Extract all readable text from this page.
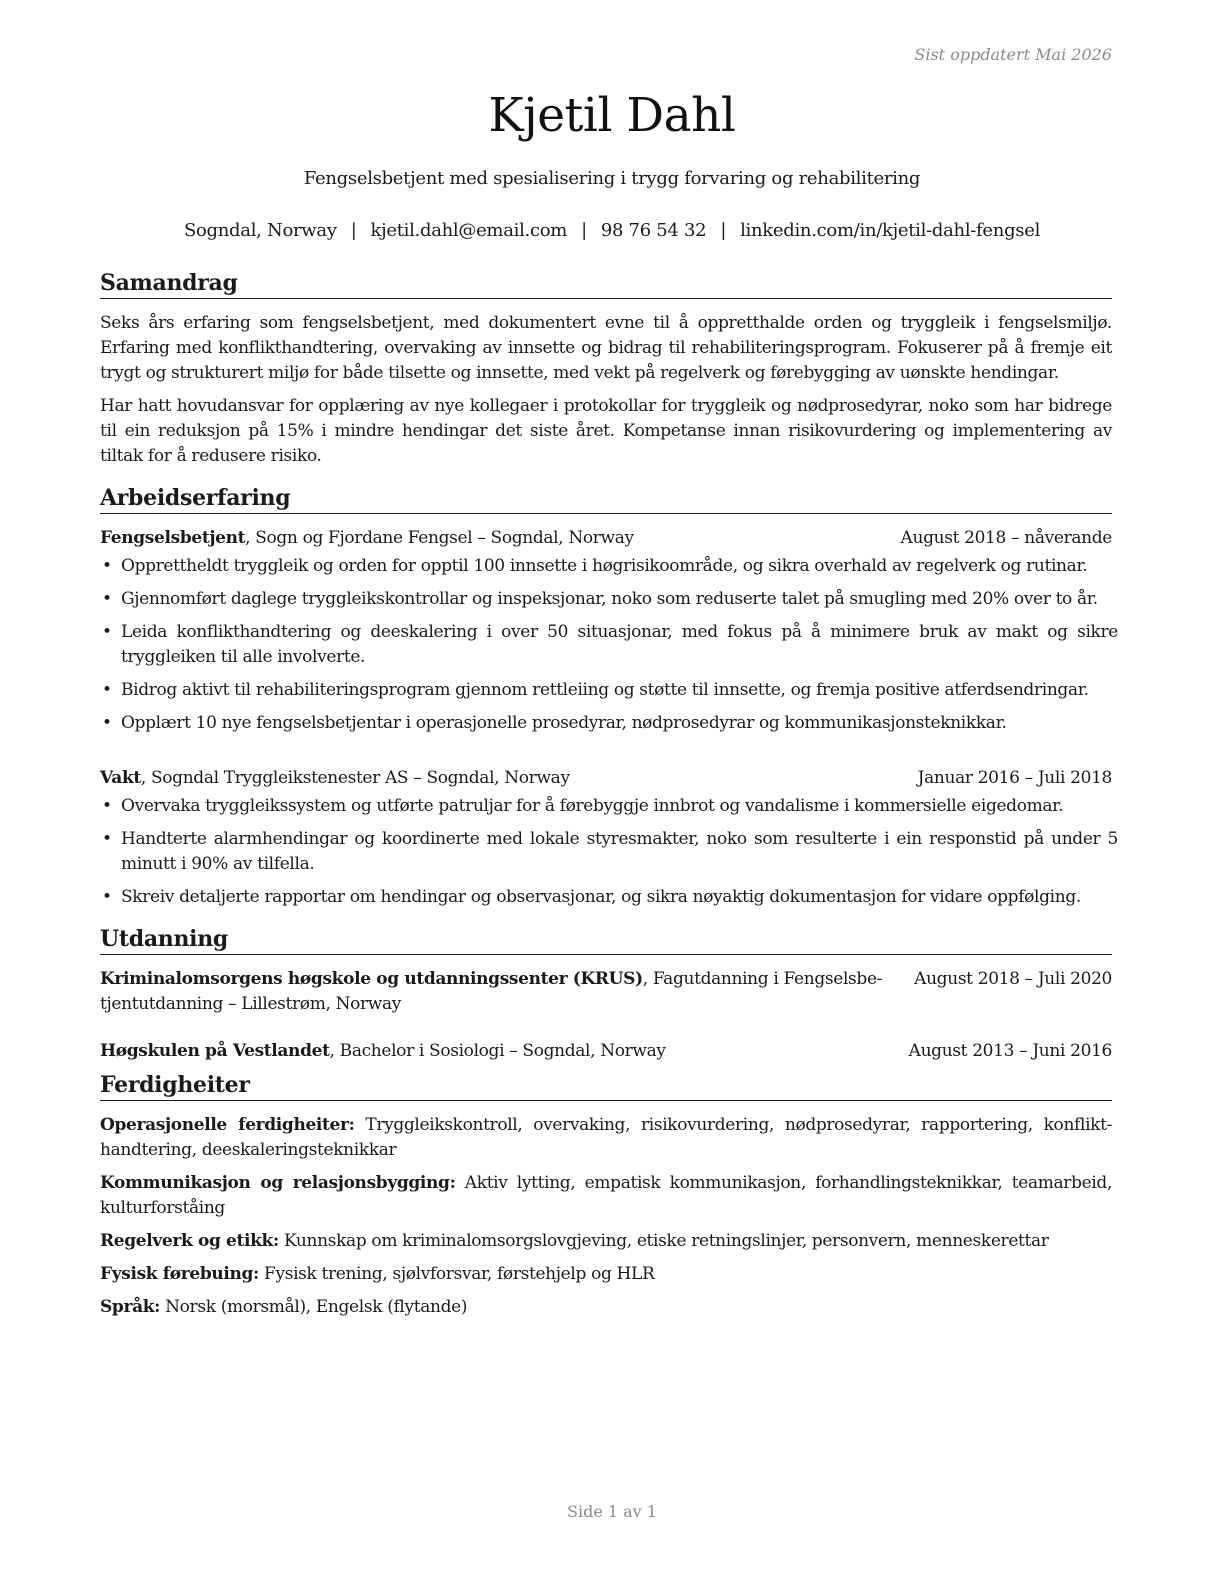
Sist oppdatert Mai 2026
Kjetil Dahl
Fengselsbetjent med spesialisering i trygg forvaring og rehabilitering
Sogndal, Norway | kjetil.dahl@email.com | 98 76 54 32 | linkedin.com/in/kjetil-dahl-fengsel
Samandrag

Seks års erfaring som fengselsbetjent, med dokumentert evne til å oppretthalde orden og tryggleik i fengselsmiljø. Erfaring med konflikthandtering, overvaking av innsette og bidrag til rehabiliteringsprogram. Fokuserer på å fremje eit trygt og strukturert miljø for både tilsette og innsette, med vekt på regelverk og førebygging av uønskte hendingar.

Har hatt hovudansvar for opplæring av nye kollegaer i protokollar for tryggleik og nødprosedyrar, noko som har bidrege til ein reduksjon på 15% i mindre hendingar det siste året. Kompetanse innan risikovurdering og implementering av tiltak for å redusere risiko.

Arbeidserfaring
Fengselsbetjent, Sogn og Fjordane Fengsel – Sogndal, Norway	August 2018 – nåverande
• Opprettheldt tryggleik og orden for opptil 100 innsette i høgrisikoområde, og sikra overhald av regelverk og rutinar.
• Gjennomført daglege tryggleikskontrollar og inspeksjonar, noko som reduserte talet på smugling med 20% over to år.
• Leida konflikthandtering og deeskalering i over 50 situasjonar, med fokus på å minimere bruk av makt og sikre tryggleiken til alle involverte.
• Bidrog aktivt til rehabiliteringsprogram gjennom rettleiing og støtte til innsette, og fremja positive atferdsendringar.
• Opplært 10 nye fengselsbetjentar i operasjonelle prosedyrar, nødprosedyrar og kommunikasjonsteknikkar.
Vakt, Sogndal Tryggleikstenester AS – Sogndal, Norway	Januar 2016 – Juli 2018
• Overvaka tryggleikssystem og utførte patruljar for å førebyggje innbrot og vandalisme i kommersielle eigedomar.
• Handterte alarmhendingar og koordinerte med lokale styresmakter, noko som resulterte i ein responstid på under 5 minutt i 90% av tilfella.
• Skreiv detaljerte rapportar om hendingar og observasjonar, og sikra nøyaktig dokumentasjon for vidare oppfølging.
Utdanning
Kriminalomsorgens høgskole og utdanningssenter (KRUS), Fagutdanning i Fengselsbe-tjentutdanning – Lillestrøm, Norway
August 2018 – Juli 2020
Høgskulen på Vestlandet, Bachelor i Sosiologi – Sogndal, Norway	August 2013 – Juni 2016
Ferdigheiter

Operasjonelle ferdigheiter: Tryggleikskontroll, overvaking, risikovurdering, nødprosedyrar, rapportering, konflikt-handtering, deeskaleringsteknikkar

Kommunikasjon og relasjonsbygging: Aktiv lytting, empatisk kommunikasjon, forhandlingsteknikkar, teamarbeid, kulturforståing

Regelverk og etikk: Kunnskap om kriminalomsorgslovgjeving, etiske retningslinjer, personvern, menneskerettar

Fysisk førebuing: Fysisk trening, sjølvforsvar, førstehjelp og HLR

Språk: Norsk (morsmål), Engelsk (flytande)

Side 1 av 1
